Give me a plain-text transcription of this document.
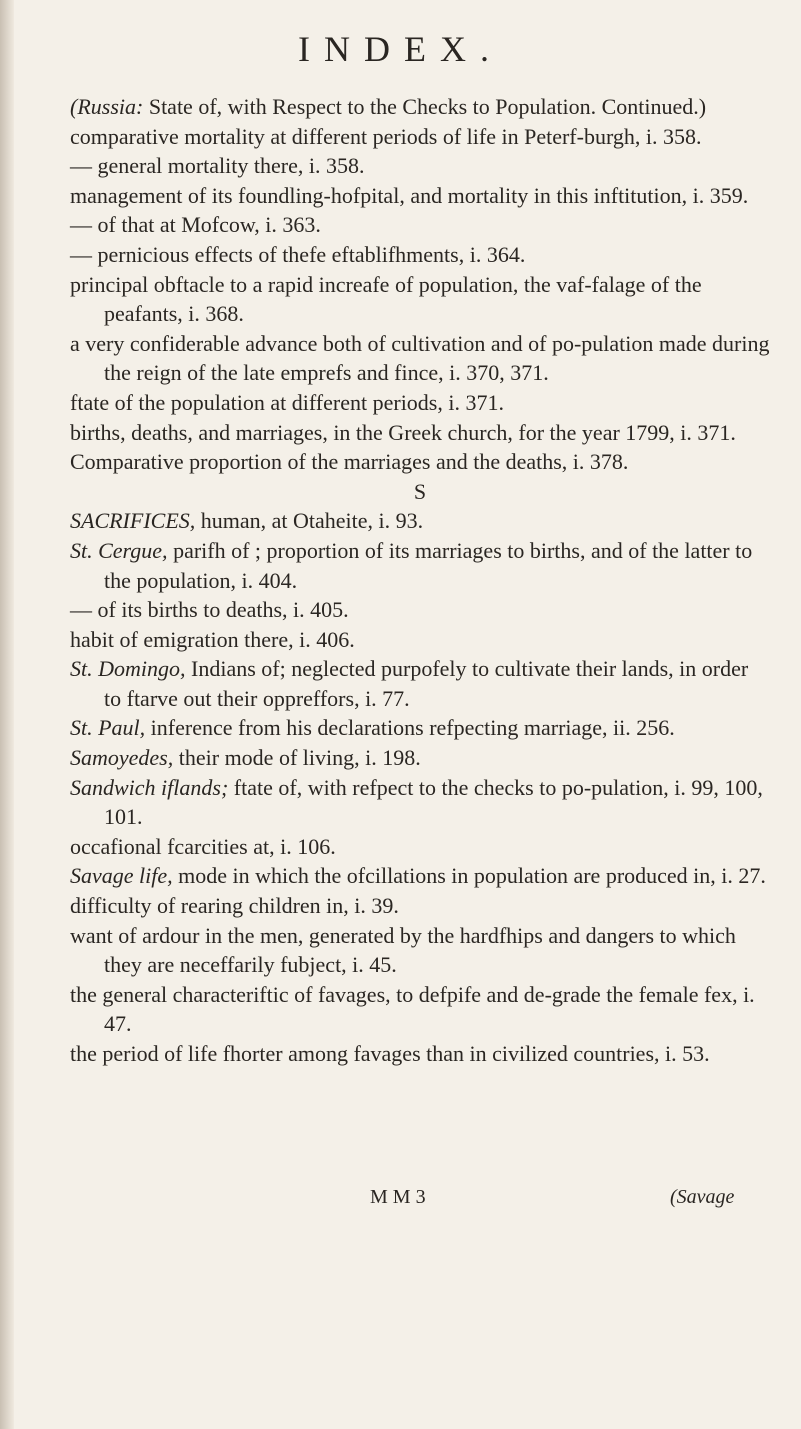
INDEX.

(Russia: State of, with Respect to the Checks to Population. Continued.)

comparative mortality at different periods of life in Peterf-burgh, i. 358.

— general mortality there, i. 358.

management of its foundling-hofpital, and mortality in this inftitution, i. 359.

— of that at Mofcow, i. 363.

— pernicious effects of thefe eftablifhments, i. 364.

principal obftacle to a rapid increafe of population, the vaf-falage of the peafants, i. 368.

a very confiderable advance both of cultivation and of po-pulation made during the reign of the late emprefs and fince, i. 370, 371.

ftate of the population at different periods, i. 371.

births, deaths, and marriages, in the Greek church, for the year 1799, i. 371.

Comparative proportion of the marriages and the deaths, i. 378.

S

SACRIFICES, human, at Otaheite, i. 93.

St. Cergue, parifh of ; proportion of its marriages to births, and of the latter to the population, i. 404.

— of its births to deaths, i. 405.

habit of emigration there, i. 406.

St. Domingo, Indians of; neglected purpofely to cultivate their lands, in order to ftarve out their oppreffors, i. 77.

St. Paul, inference from his declarations refpecting marriage, ii. 256.

Samoyedes, their mode of living, i. 198.

Sandwich iflands; ftate of, with refpect to the checks to po-pulation, i. 99, 100, 101.

occafional fcarcities at, i. 106.

Savage life, mode in which the ofcillations in population are produced in, i. 27.

difficulty of rearing children in, i. 39.

want of ardour in the men, generated by the hardfhips and dangers to which they are neceffarily fubject, i. 45.

the general characteriftic of favages, to defpife and de-grade the female fex, i. 47.

the period of life fhorter among favages than in civilized countries, i. 53.

M M 3	(Savage
